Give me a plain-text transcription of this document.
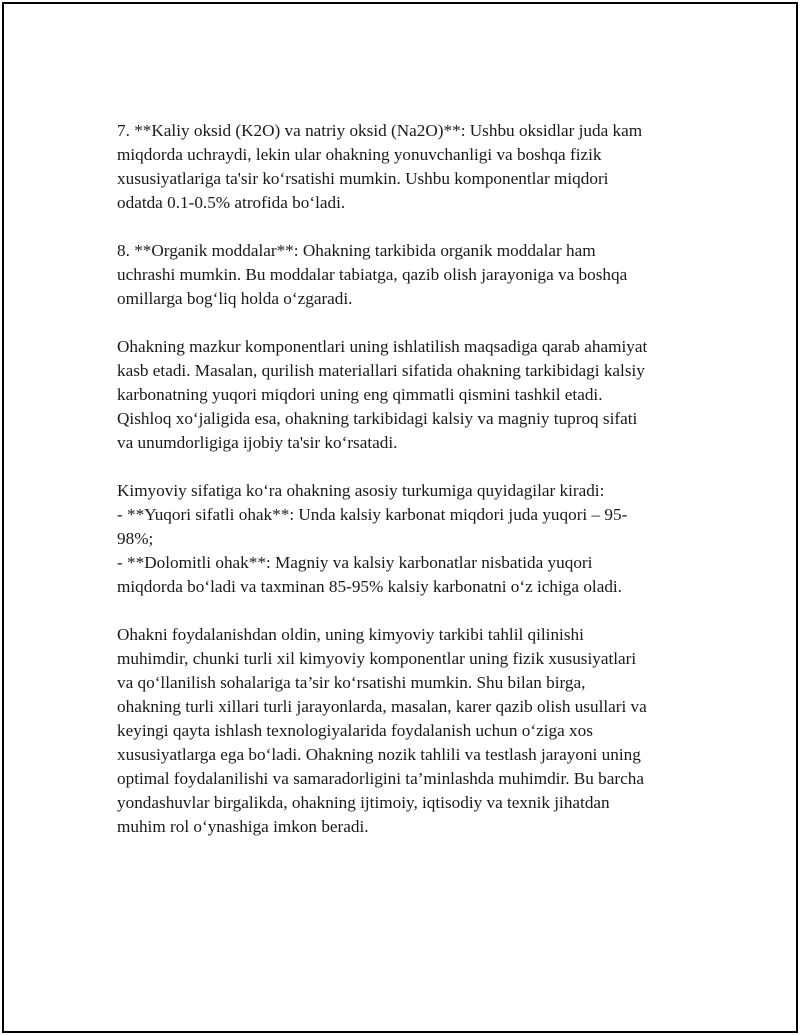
7. **Kaliy oksid (K2O) va natriy oksid (Na2O)**: Ushbu oksidlar juda kam
miqdorda uchraydi, lekin ular ohakning yonuvchanligi va boshqa fizik
xususiyatlariga ta'sir ko‘rsatishi mumkin. Ushbu komponentlar miqdori
odatda 0.1-0.5% atrofida bo‘ladi.

8. **Organik moddalar**: Ohakning tarkibida organik moddalar ham
uchrashi mumkin. Bu moddalar tabiatga, qazib olish jarayoniga va boshqa
omillarga bog‘liq holda o‘zgaradi.

Ohakning mazkur komponentlari uning ishlatilish maqsadiga qarab ahamiyat
kasb etadi. Masalan, qurilish materiallari sifatida ohakning tarkibidagi kalsiy
karbonatning yuqori miqdori uning eng qimmatli qismini tashkil etadi.
Qishloq xo‘jaligida esa, ohakning tarkibidagi kalsiy va magniy tuproq sifati
va unumdorligiga ijobiy ta'sir ko‘rsatadi.

Kimyoviy sifatiga ko‘ra ohakning asosiy turkumiga quyidagilar kiradi:
- **Yuqori sifatli ohak**: Unda kalsiy karbonat miqdori juda yuqori – 95-
98%;
- **Dolomitli ohak**: Magniy va kalsiy karbonatlar nisbatida yuqori
miqdorda bo‘ladi va taxminan 85-95% kalsiy karbonatni o‘z ichiga oladi.

Ohakni foydalanishdan oldin, uning kimyoviy tarkibi tahlil qilinishi
muhimdir, chunki turli xil kimyoviy komponentlar uning fizik xususiyatlari
va qo‘llanilish sohalariga ta’sir ko‘rsatishi mumkin. Shu bilan birga,
ohakning turli xillari turli jarayonlarda, masalan, karer qazib olish usullari va
keyingi qayta ishlash texnologiyalarida foydalanish uchun o‘ziga xos
xususiyatlarga ega bo‘ladi. Ohakning nozik tahlili va testlash jarayoni uning
optimal foydalanilishi va samaradorligini ta’minlashda muhimdir. Bu barcha
yondashuvlar birgalikda, ohakning ijtimoiy, iqtisodiy va texnik jihatdan
muhim rol o‘ynashiga imkon beradi.
